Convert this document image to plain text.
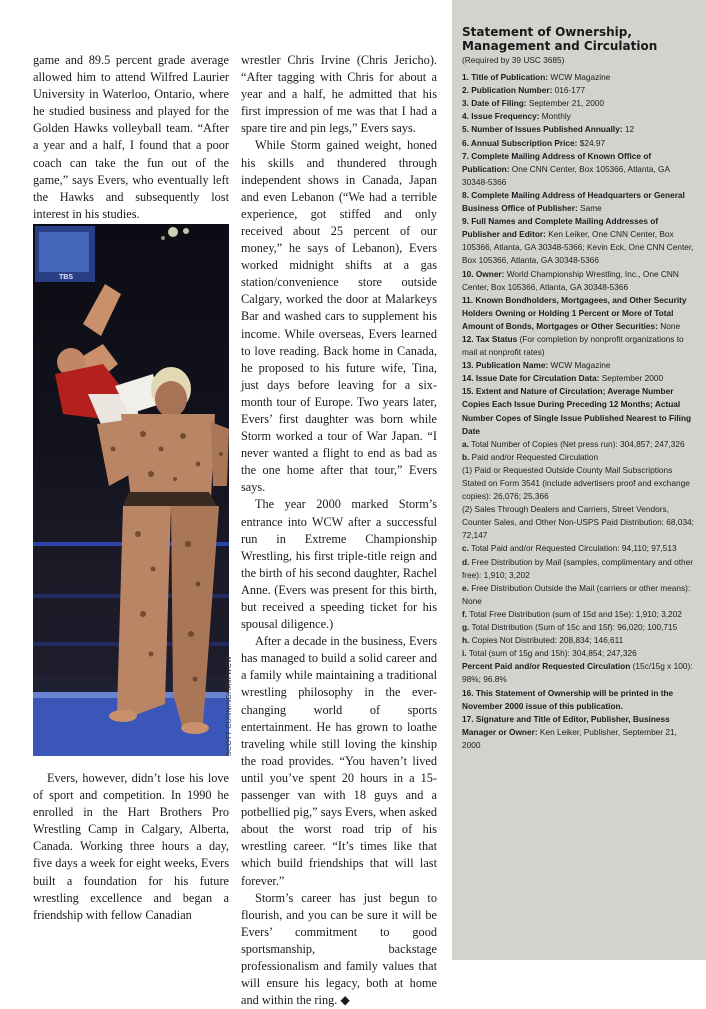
game and 89.5 percent grade average allowed him to attend Wilfred Laurier University in Waterloo, Ontario, where he studied business and played for the Golden Hawks volleyball team. “After a year and a half, I found that a poor coach can take the fun out of the game,” says Evers, who eventually left the Hawks and subsequently lost interest in his studies.

Evers, however, didn’t lose his love of sport and competition. In 1990 he enrolled in the Hart Brothers Pro Wrestling Camp in Calgary, Alberta, Canada. Working three hours a day, five days a week for eight weeks, Evers built a foundation for his future wrestling excellence and began a friendship with fellow Canadian

TBS
SCOTT CUNNINGHAM/WCW

wrestler Chris Irvine (Chris Jericho). “After tagging with Chris for about a year and a half, he admitted that his first impression of me was that I had a spare tire and pin legs,” Evers says.

While Storm gained weight, honed his skills and thundered through independent shows in Canada, Japan and even Lebanon (“We had a terrible experience, got stiffed and only received about 25 percent of our money,” he says of Lebanon), Evers worked midnight shifts at a gas station/convenience store outside Calgary, worked the door at Malarkeys Bar and washed cars to supplement his income. While overseas, Evers learned to love reading. Back home in Canada, he proposed to his future wife, Tina, just days before leaving for a six-month tour of Europe. Two years later, Evers’ first daughter was born while Storm worked a tour of War Japan. “I never wanted a flight to end as bad as the one home after that tour,” Evers says.

The year 2000 marked Storm’s entrance into WCW after a successful run in Extreme Championship Wrestling, his first triple-title reign and the birth of his second daughter, Rachel Anne. (Evers was present for this birth, but received a speeding ticket for his spousal diligence.)

After a decade in the business, Evers has managed to build a solid career and a family while maintaining a traditional wrestling philosophy in the ever-changing world of sports entertainment. He has grown to loathe traveling while still loving the kinship the road provides. “You haven’t lived until you’ve spent 20 hours in a 15-passenger van with 18 guys and a potbellied pig,” says Evers, when asked about the worst road trip of his wrestling career. “It’s times like that which build friendships that will last forever.”

Storm’s career has just begun to flourish, and you can be sure it will be Evers’ commitment to good sportsmanship, backstage professionalism and family values that will ensure his legacy, both at home and within the ring. ◆

Statement of Ownership,
Management and Circulation
(Required by 39 USC 3685)

1. Title of Publication: WCW Magazine

2. Publication Number: 016-177

3. Date of Filing: September 21, 2000

4. Issue Frequency: Monthly

5. Number of Issues Published Annually: 12

6. Annual Subscription Price: $24.97

7. Complete Mailing Address of Known Office of Publication: One CNN Center, Box 105366, Atlanta, GA 30348-5366

8. Complete Mailing Address of Headquarters or General Business Office of Publisher: Same

9. Full Names and Complete Mailing Addresses of Publisher and Editor: Ken Leiker, One CNN Center, Box 105366, Atlanta, GA 30348-5366; Kevin Eck, One CNN Center, Box 105366, Atlanta, GA 30348-5366

10. Owner: World Championship Wrestling, Inc., One CNN Center, Box 105366, Atlanta, GA 30348-5366

11. Known Bondholders, Mortgagees, and Other Security Holders Owning or Holding 1 Percent or More of Total Amount of Bonds, Mortgages or Other Securities: None

12. Tax Status (For completion by nonprofit organizations to mail at nonprofit rates)

13. Publication Name: WCW Magazine

14. Issue Date for Circulation Data: September 2000

15. Extent and Nature of Circulation; Average Number Copies Each Issue During Preceding 12 Months; Actual Number Copes of Single Issue Published Nearest to Filing Date

a. Total Number of Copies (Net press run): 304,857; 247,326

b. Paid and/or Requested Circulation

(1) Paid or Requested Outside County Mail Subscriptions Stated on Form 3541 (include advertisers proof and exchange copies): 26,076; 25,366

(2) Sales Through Dealers and Carriers, Street Vendors, Counter Sales, and Other Non-USPS Paid Distribution: 68,034; 72,147

c. Total Paid and/or Requested Circulation: 94,110; 97,513

d. Free Distribution by Mail (samples, complimentary and other free): 1,910; 3,202

e. Free Distribution Outside the Mail (carriers or other means): None

f. Total Free Distribution (sum of 15d and 15e): 1,910; 3,202

g. Total Distribution (Sum of 15c and 15f): 96,020; 100,715

h. Copies Not Distributed: 208,834; 146,611

i. Total (sum of 15g and 15h): 304,854; 247,326

Percent Paid and/or Requested Circulation (15c/15g x 100): 98%; 96.8%

16. This Statement of Ownership will be printed in the November 2000 issue of this publication.

17. Signature and Title of Editor, Publisher, Business Manager or Owner: Ken Leiker, Publisher, September 21, 2000
